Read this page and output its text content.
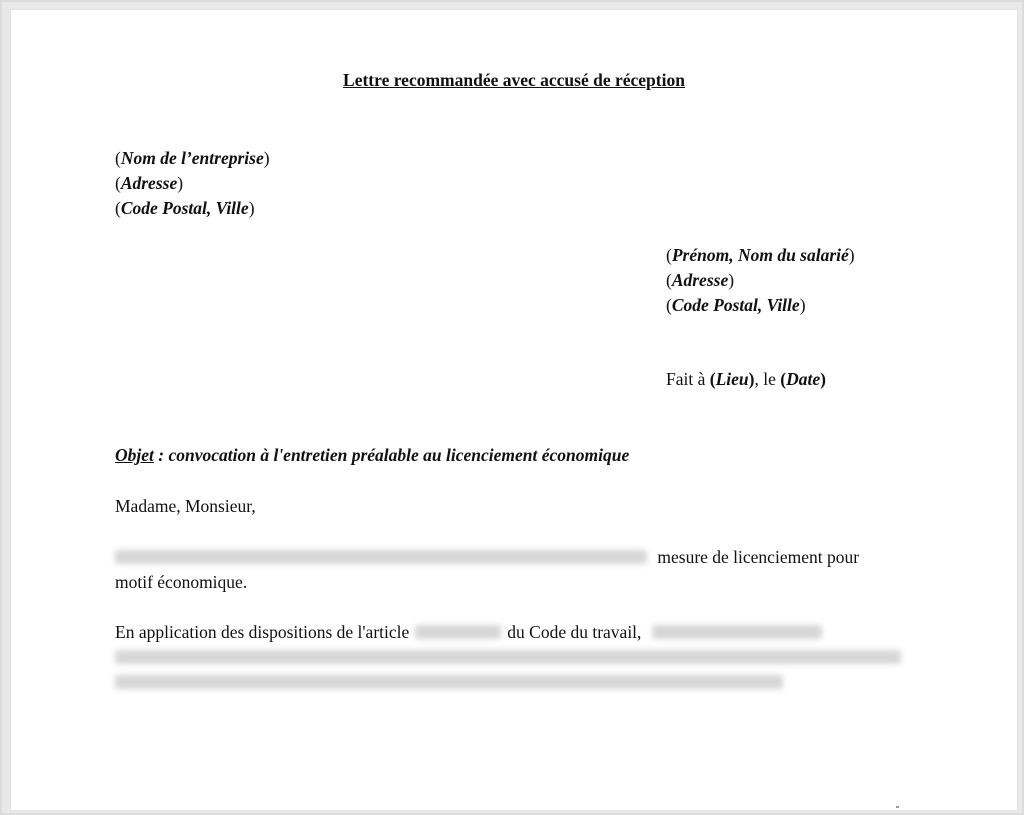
Lettre recommandée avec accusé de réception
(Nom de l’entreprise)
(Adresse)
(Code Postal, Ville)
(Prénom, Nom du salarié)
(Adresse)
(Code Postal, Ville)
Fait à (Lieu), le (Date)
Objet : convocation à l'entretien préalable au licenciement économique
Madame, Monsieur,
mesure de licenciement pour
motif économique.
En application des dispositions de l'article	du Code du travail,
